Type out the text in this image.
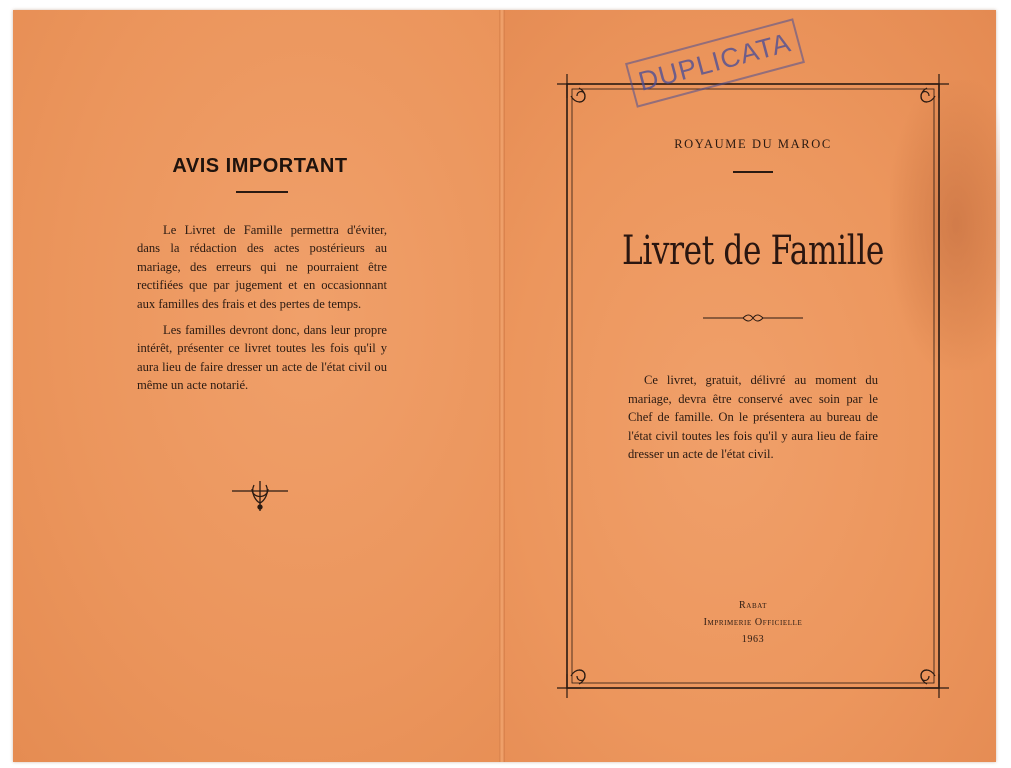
AVIS IMPORTANT

Le Livret de Famille permettra d'éviter, dans la rédaction des actes postérieurs au mariage, des erreurs qui ne pourraient être rectifiées que par jugement et en occasionnant aux familles des frais et des pertes de temps.

Les familles devront donc, dans leur propre intérêt, présenter ce livret toutes les fois qu'il y aura lieu de faire dresser un acte de l'état civil ou même un acte notarié.

DUPLICATA
ROYAUME DU MAROC
Livret de Famille

Ce livret, gratuit, délivré au moment du mariage, devra être conservé avec soin par le Chef de famille. On le présentera au bureau de l'état civil toutes les fois qu'il y aura lieu de faire dresser un acte de l'état civil.

Rabat
Imprimerie Officielle
1963
